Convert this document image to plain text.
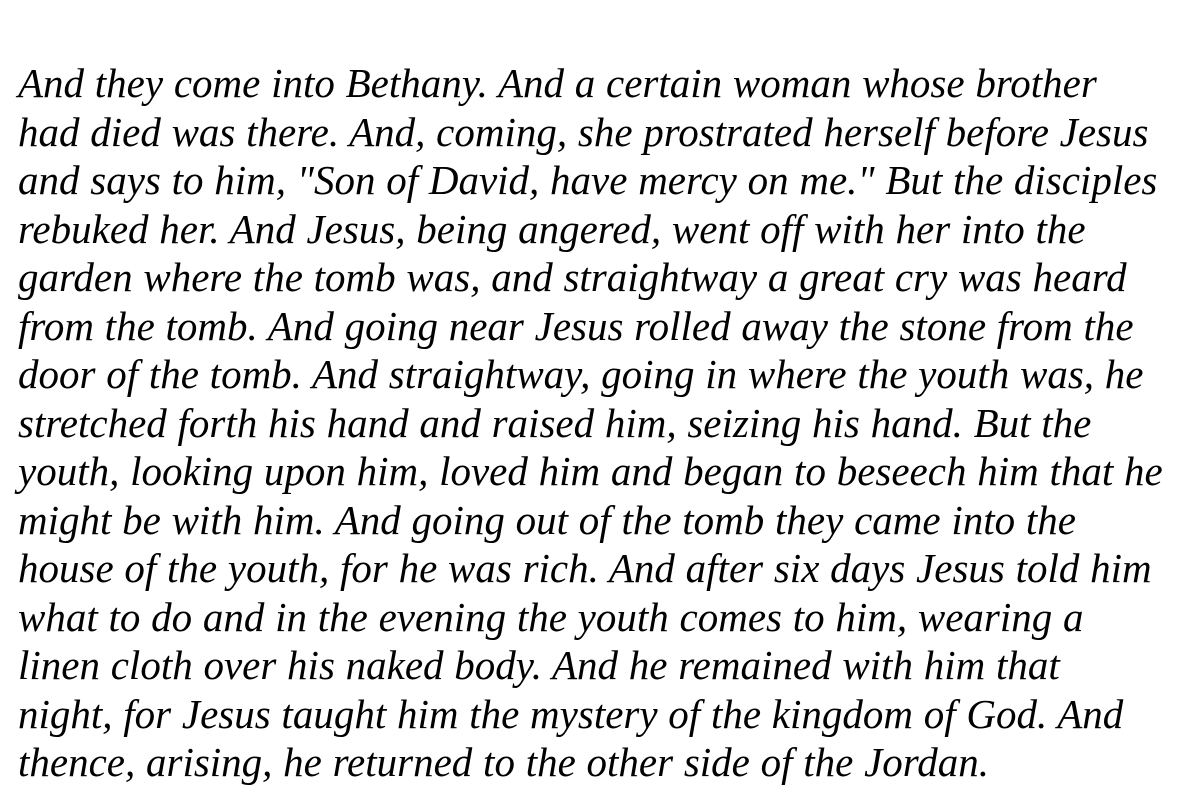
And they come into Bethany. And a certain woman whose brother had died was there. And, coming, she prostrated herself before Jesus and says to him, "Son of David, have mercy on me." But the disciples rebuked her. And Jesus, being angered, went off with her into the garden where the tomb was, and straightway a great cry was heard from the tomb. And going near Jesus rolled away the stone from the door of the tomb. And straightway, going in where the youth was, he stretched forth his hand and raised him, seizing his hand. But the youth, looking upon him, loved him and began to beseech him that he might be with him. And going out of the tomb they came into the house of the youth, for he was rich. And after six days Jesus told him what to do and in the evening the youth comes to him, wearing a linen cloth over his naked body. And he remained with him that night, for Jesus taught him the mystery of the kingdom of God. And thence, arising, he returned to the other side of the Jordan.
